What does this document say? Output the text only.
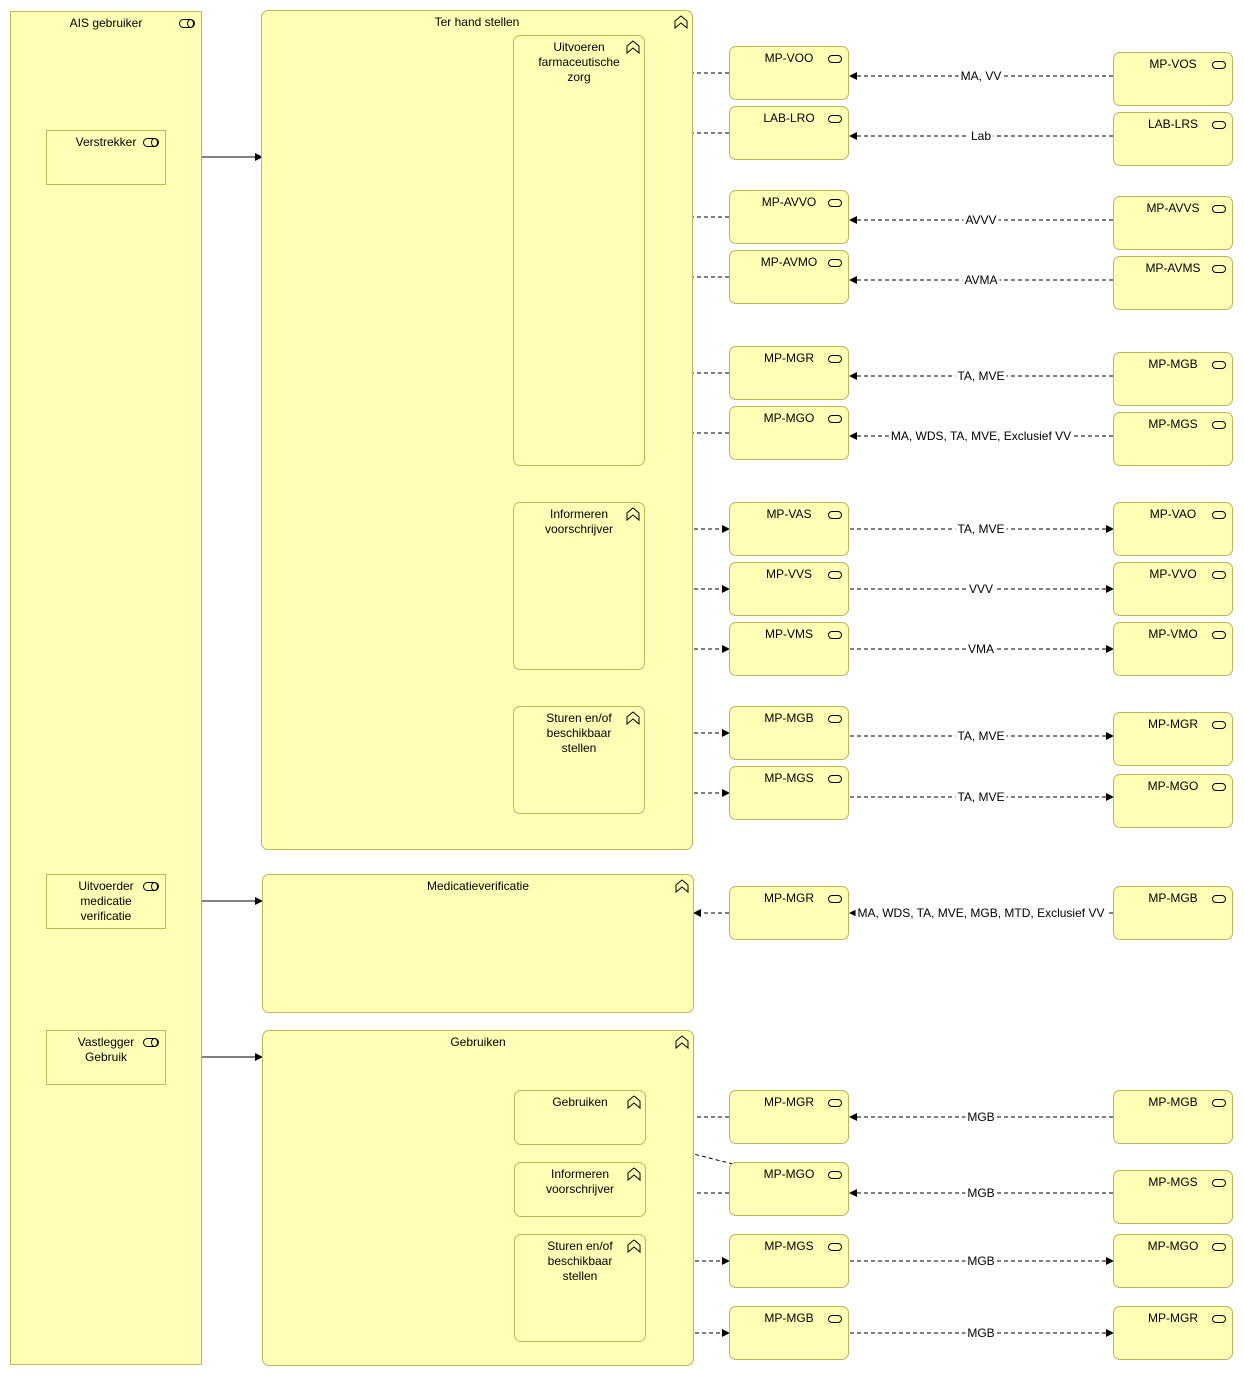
MA, VV
Lab
AVVV
AVMA
TA, MVE
MA, WDS, TA, MVE, Exclusief VV
TA, MVE
VVV
VMA
TA, MVE
TA, MVE
MA, WDS, TA, MVE, MGB, MTD, Exclusief VV
MGB
MGB
MGB
MGB
AIS gebruiker
Verstrekker
Uitvoerder
medicatie
verificatie
Vastlegger
Gebruik
Ter hand stellen
Uitvoeren
farmaceutische
zorg
Informeren
voorschrijver
Sturen en/of
beschikbaar
stellen
Medicatieverificatie
Gebruiken
Gebruiken
Informeren
voorschrijver
Sturen en/of
beschikbaar
stellen
MP-VOO	MP-VOS
LAB-LRO	LAB-LRS
MP-AVVO	MP-AVVS
MP-AVMO	MP-AVMS
MP-MGR	MP-MGB
MP-MGO	MP-MGS
MP-VAS	MP-VAO
MP-VVS	MP-VVO
MP-VMS	MP-VMO
MP-MGB	MP-MGR
MP-MGS
MP-MGO
MP-MGR	MP-MGB
MP-MGR	MP-MGB
MP-MGO
MP-MGS
MP-MGS	MP-MGO
MP-MGB	MP-MGR
